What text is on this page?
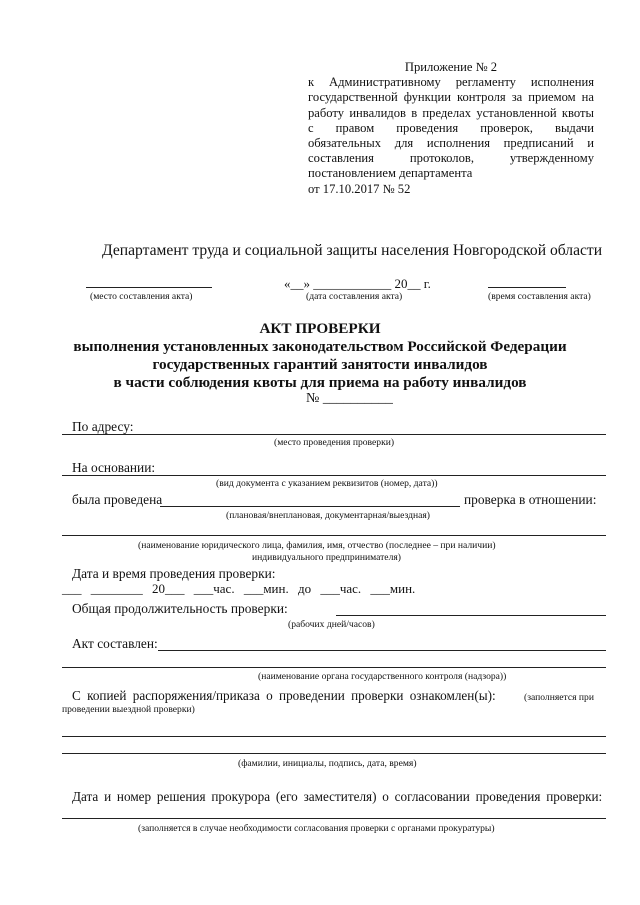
Приложение № 2
к Административному регламенту исполнения
государственной функции контроля за приемом на
работу инвалидов в пределах установленной квоты
с правом проведения проверок, выдачи
обязательных для исполнения предписаний и
составления протоколов, утвержденному
постановлением департамента
от 17.10.2017 № 52
Департамент труда и социальной защиты населения Новгородской области
«__» ____________ 20__ г.
(место составления акта)	(дата составления акта)	(время составления акта)
АКТ ПРОВЕРКИ
выполнения установленных законодательством Российской Федерации
государственных гарантий занятости инвалидов
в части соблюдения квоты для приема на работу инвалидов
№ __________
По адресу:
(место проведения проверки)
На основании:
(вид документа с указанием реквизитов (номер, дата))
была проведена	проверка в отношении:
(плановая/внеплановая, документарная/выездная)
(наименование юридического лица, фамилия, имя, отчество (последнее – при наличии)
индивидуального предпринимателя)
Дата и время проведения проверки:
___ ________ 20___ ___час. ___мин. до ___час. ___мин.
Общая продолжительность проверки:
(рабочих дней/часов)
Акт составлен:
(наименование органа государственного контроля (надзора))
С копией распоряжения/приказа о проведении проверки ознакомлен(ы):	(заполняется при
проведении выездной проверки)
(фамилии, инициалы, подпись, дата, время)
Дата и номер решения прокурора (его заместителя) о согласовании проведения проверки:
(заполняется в случае необходимости согласования проверки с органами прокуратуры)
